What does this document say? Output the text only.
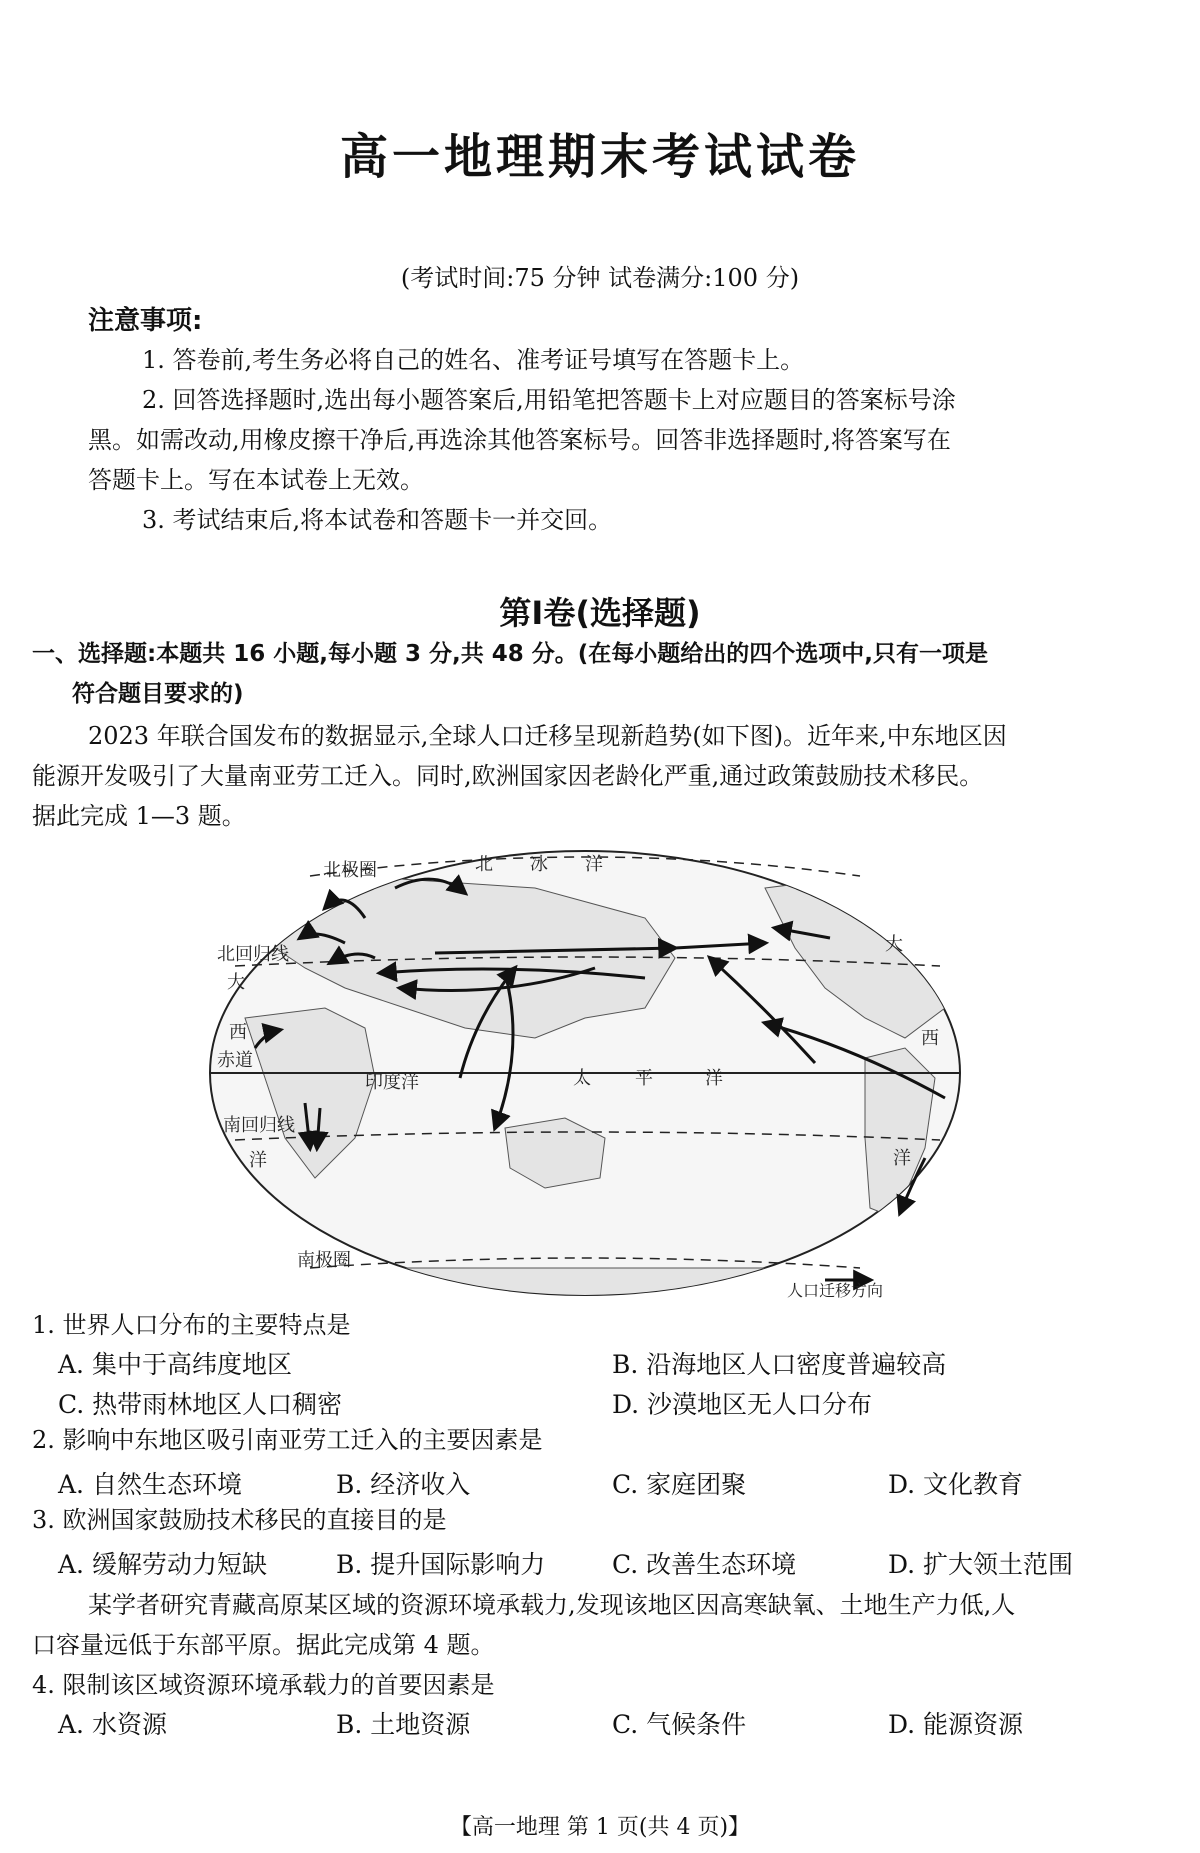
高一地理期末考试试卷
(考试时间:75 分钟 试卷满分:100 分)
注意事项:
1. 答卷前,考生务必将自己的姓名、准考证号填写在答题卡上。
2. 回答选择题时,选出每小题答案后,用铅笔把答题卡上对应题目的答案标号涂
黑。如需改动,用橡皮擦干净后,再选涂其他答案标号。回答非选择题时,将答案写在
答题卡上。写在本试卷上无效。
3. 考试结束后,将本试卷和答题卡一并交回。
第Ⅰ卷(选择题)
一、选择题:本题共 16 小题,每小题 3 分,共 48 分。(在每小题给出的四个选项中,只有一项是
符合题目要求的)
2023 年联合国发布的数据显示,全球人口迁移呈现新趋势(如下图)。近年来,中东地区因
能源开发吸引了大量南亚劳工迁入。同时,欧洲国家因老龄化严重,通过政策鼓励技术移民。
据此完成 1—3 题。
北极圈	北 冰 洋
北回归线
赤道
南回归线
南极圈
印度洋	太 平	洋
大
西
洋
大
西
洋
人口迁移方向
1. 世界人口分布的主要特点是
A. 集中于高纬度地区	B. 沿海地区人口密度普遍较高
C. 热带雨林地区人口稠密	D. 沙漠地区无人口分布
2. 影响中东地区吸引南亚劳工迁入的主要因素是
A. 自然生态环境	B. 经济收入	C. 家庭团聚	D. 文化教育
3. 欧洲国家鼓励技术移民的直接目的是
A. 缓解劳动力短缺	B. 提升国际影响力	C. 改善生态环境	D. 扩大领土范围
某学者研究青藏高原某区域的资源环境承载力,发现该地区因高寒缺氧、土地生产力低,人
口容量远低于东部平原。据此完成第 4 题。
4. 限制该区域资源环境承载力的首要因素是
A. 水资源	B. 土地资源	C. 气候条件	D. 能源资源
【高一地理 第 1 页(共 4 页)】
